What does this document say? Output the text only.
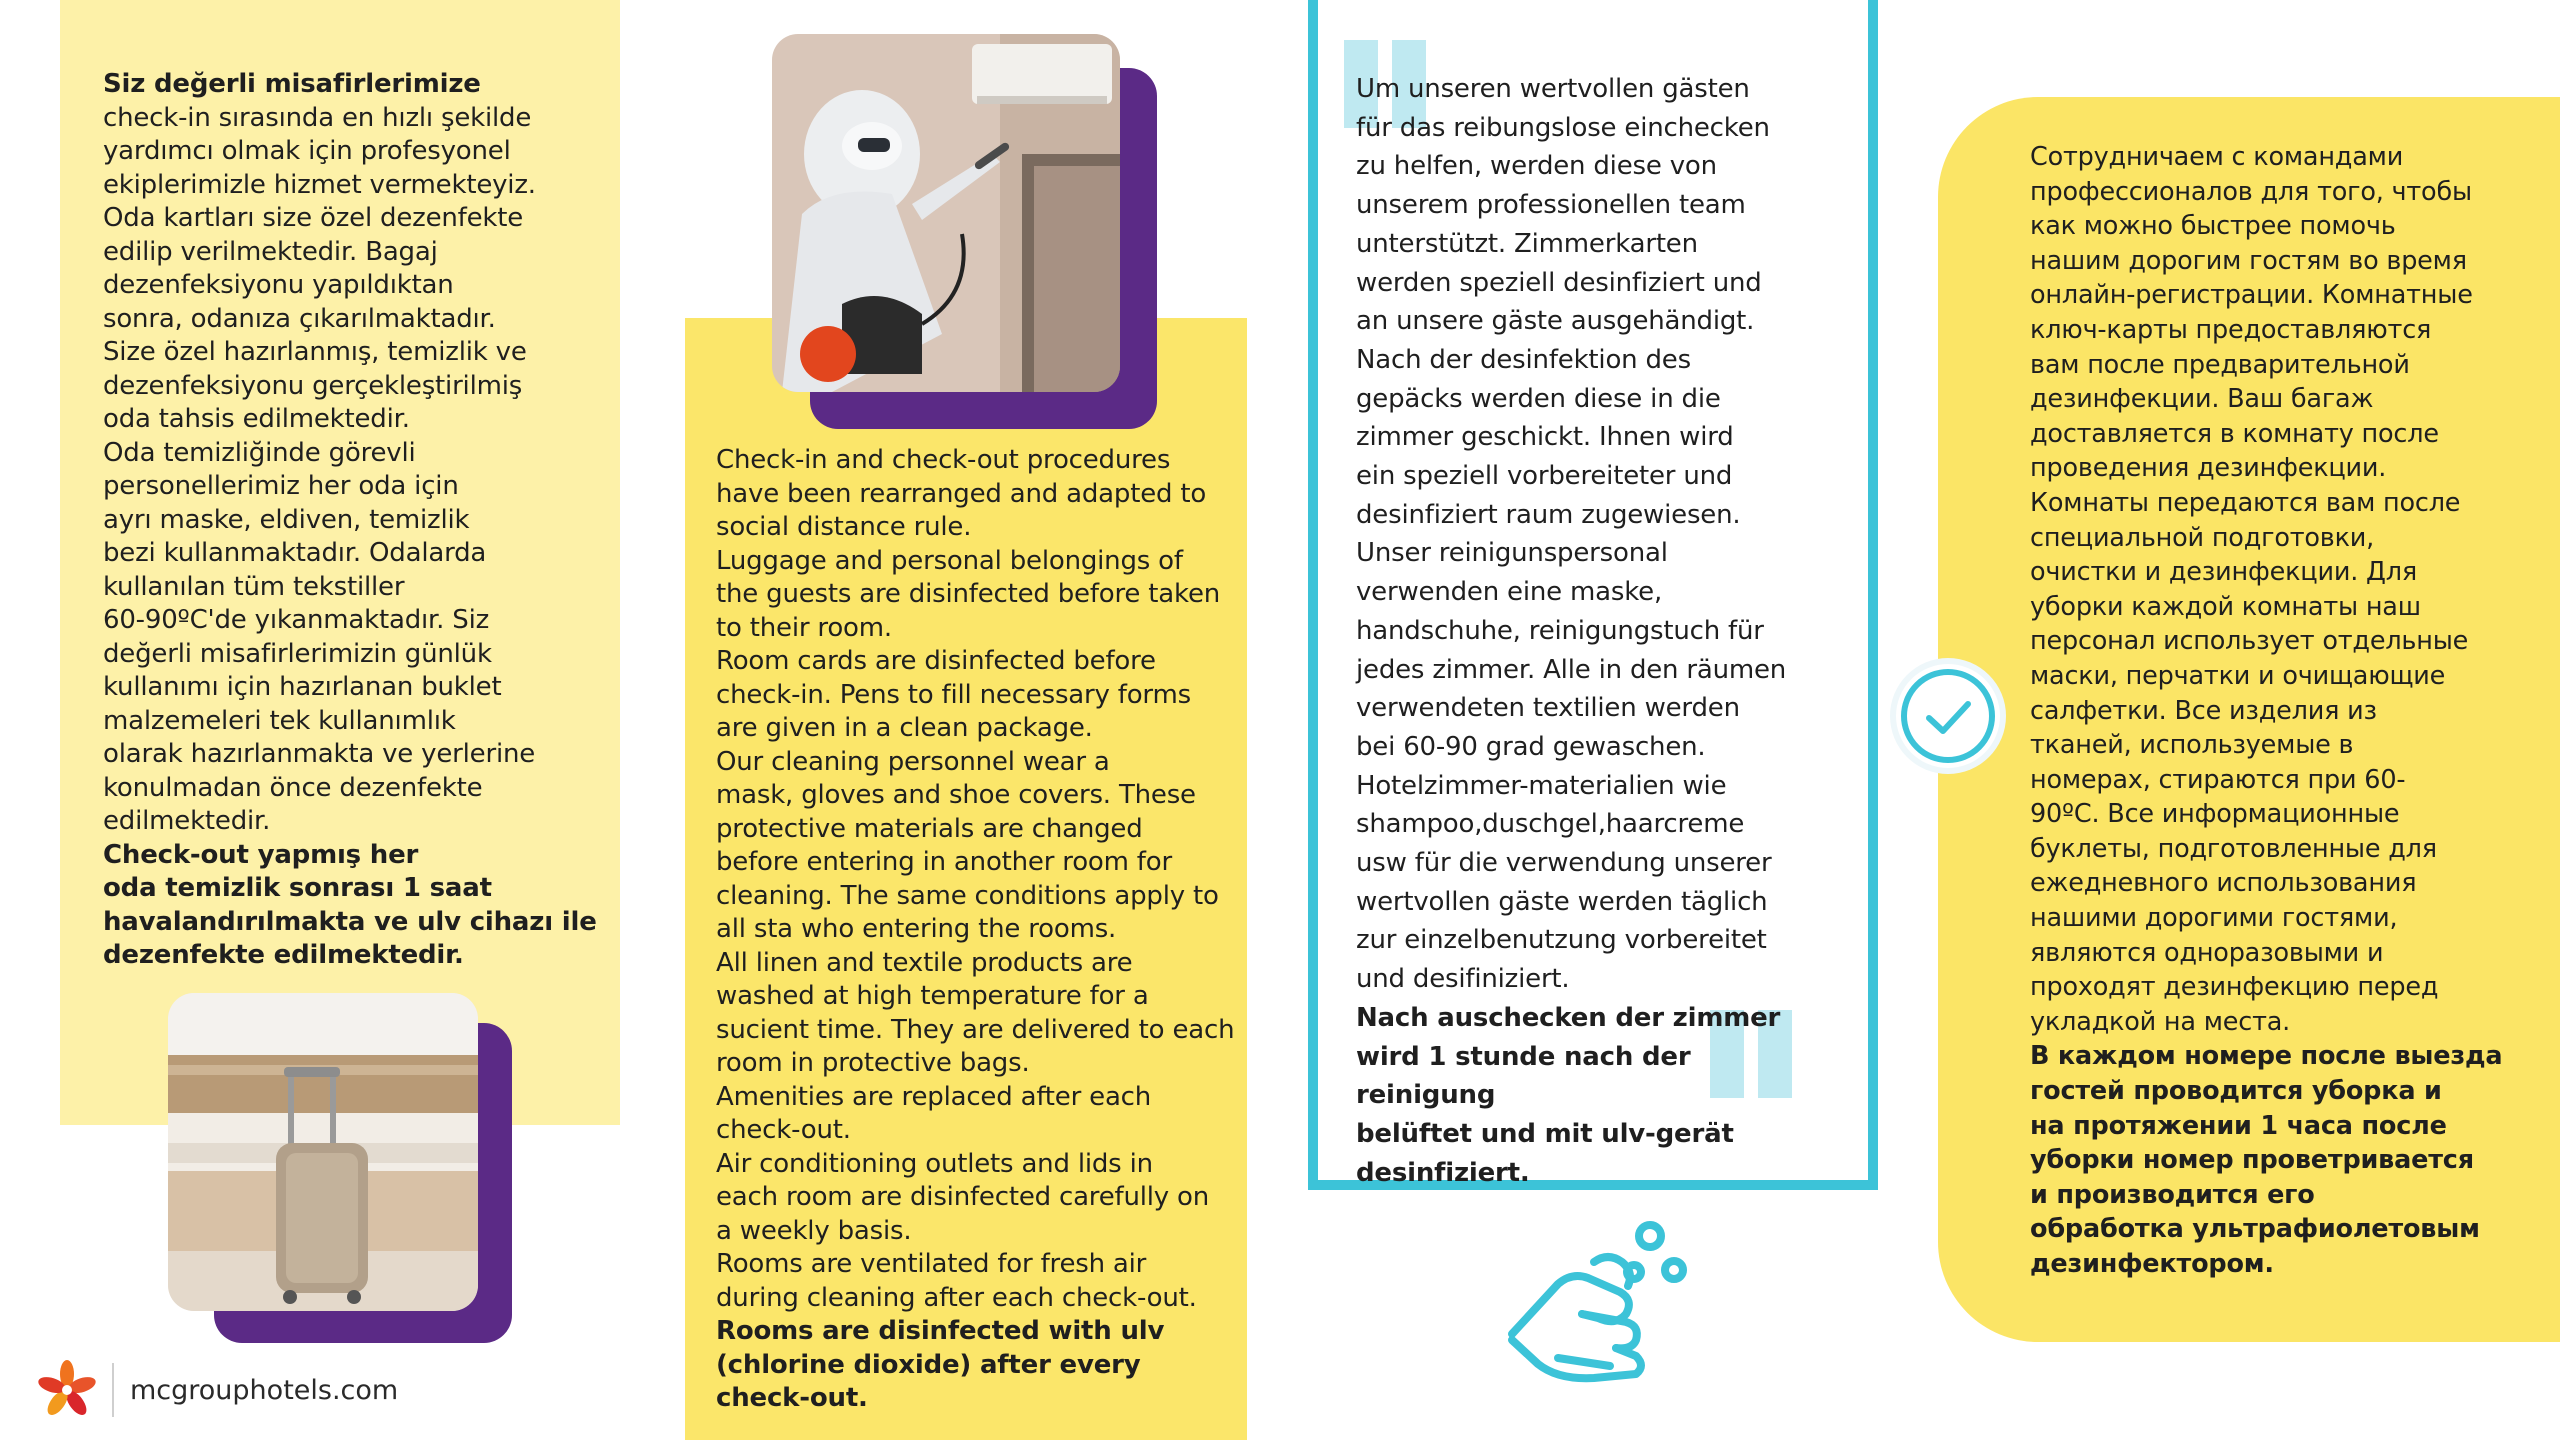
Siz değerli misafirlerimize

check-in sırasında en hızlı şekilde
yardımcı olmak için profesyonel
ekiplerimizle hizmet vermekteyiz.
Oda kartları size özel dezenfekte
edilip verilmektedir. Bagaj
dezenfeksiyonu yapıldıktan
sonra, odanıza çıkarılmaktadır.
Size özel hazırlanmış, temizlik ve
dezenfeksiyonu gerçekleştirilmiş
oda tahsis edilmektedir.
Oda temizliğinde görevli
personellerimiz her oda için
ayrı maske, eldiven, temizlik
bezi kullanmaktadır. Odalarda
kullanılan tüm tekstiller
60-90ºC'de yıkanmaktadır. Siz
değerli misafirlerimizin günlük
kullanımı için hazırlanan buklet
malzemeleri tek kullanımlık
olarak hazırlanmakta ve yerlerine
konulmadan önce dezenfekte
edilmektedir.

Check-out yapmış her
oda temizlik sonrası 1 saat
havalandırılmakta ve ulv cihazı ile
dezenfekte edilmektedir.

Check-in and check-out procedures
have been rearranged and adapted to
social distance rule.
Luggage and personal belongings of
the guests are disinfected before taken
to their room.
Room cards are disinfected before
check-in. Pens to fill necessary forms
are given in a clean package.
Our cleaning personnel wear a
mask, gloves and shoe covers. These
protective materials are changed
before entering in another room for
cleaning. The same conditions apply to
all sta who entering the rooms.
All linen and textile products are
washed at high temperature for a
sucient time. They are delivered to each
room in protective bags.
Amenities are replaced after each
check-out.
Air conditioning outlets and lids in
each room are disinfected carefully on
a weekly basis.
Rooms are ventilated for fresh air
during cleaning after each check-out.

Rooms are disinfected with ulv
(chlorine dioxide) after every check-out.

Um unseren wertvollen gästen
für das reibungslose einchecken
zu helfen, werden diese von
unserem professionellen team
unterstützt. Zimmerkarten
werden speziell desinfiziert und
an unsere gäste ausgehändigt.
Nach der desinfektion des
gepäcks werden diese in die
zimmer geschickt. Ihnen wird
ein speziell vorbereiteter und
desinfiziert raum zugewiesen.
Unser reinigunspersonal
verwenden eine maske,
handschuhe, reinigungstuch für
jedes zimmer. Alle in den räumen
verwendeten textilien werden
bei 60-90 grad gewaschen.
Hotelzimmer-materialien wie
shampoo,duschgel,haarcreme
usw für die verwendung unserer
wertvollen gäste werden täglich
zur einzelbenutzung vorbereitet
und desifiniziert.

Nach auschecken der zimmer
wird 1 stunde nach der reinigung
belüftet und mit ulv-gerät
desinfiziert.

Сотрудничаем с командами
профессионалов для того, чтобы
как можно быстрее помочь
нашим дорогим гостям во время
онлайн-регистрации. Комнатные
ключ-карты предоставляются
вам после предварительной
дезинфекции. Ваш багаж
доставляется в комнату после
проведения дезинфекции.
Комнаты передаются вам после
специальной подготовки,
очистки и дезинфекции. Для
уборки каждой комнаты наш
персонал использует отдельные
маски, перчатки и очищающие
салфетки. Все изделия из
тканей, используемые в
номерах, стираются при 60-
90ºC. Все информационные
буклеты, подготовленные для
ежедневного использования
нашими дорогими гостями,
являются одноразовыми и
проходят дезинфекцию перед
укладкой на места.

В каждом номере после выезда
гостей проводится уборка и
на протяжении 1 часа после
уборки номер проветривается
и производится его
обработка ультрафиолетовым
дезинфектором.

mcgrouphotels.com
